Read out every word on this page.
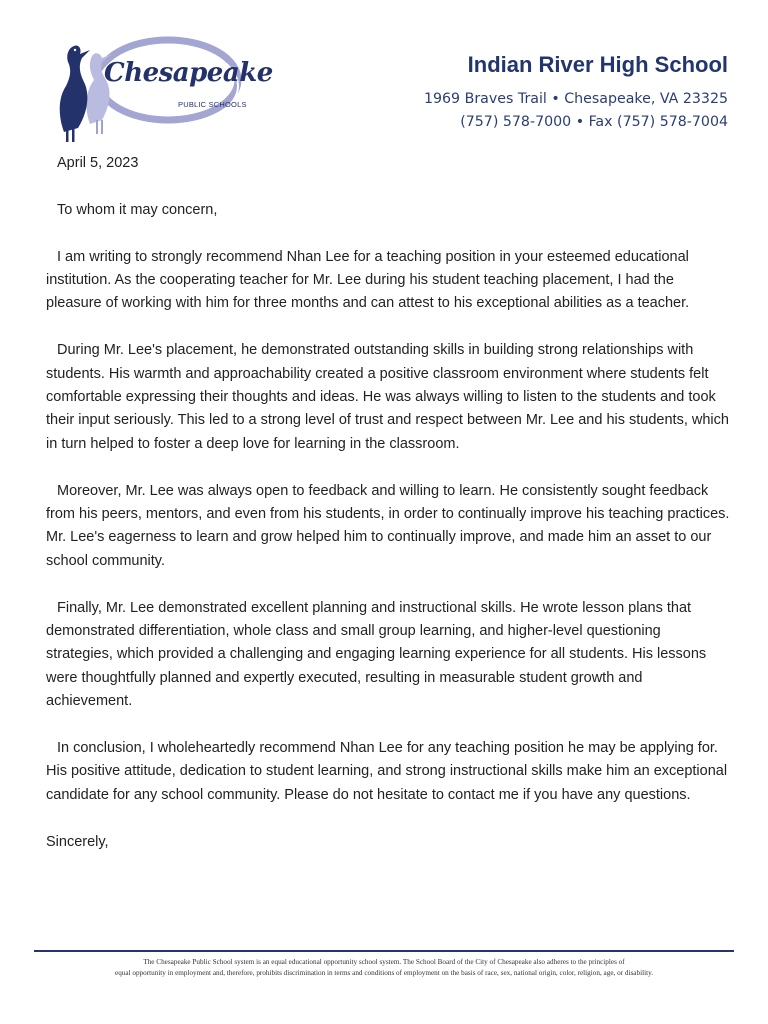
Chesapeake
PUBLIC SCHOOLS
Indian River High School
1969 Braves Trail • Chesapeake, VA 23325
(757) 578-7000 • Fax (757) 578-7004

April 5, 2023

To whom it may concern,

I am writing to strongly recommend Nhan Lee for a teaching position in your esteemed educational institution. As the cooperating teacher for Mr. Lee during his student teaching placement, I had the pleasure of working with him for three months and can attest to his exceptional abilities as a teacher.

During Mr. Lee's placement, he demonstrated outstanding skills in building strong relationships with students. His warmth and approachability created a positive classroom environment where students felt comfortable expressing their thoughts and ideas. He was always willing to listen to the students and took their input seriously. This led to a strong level of trust and respect between Mr. Lee and his students, which in turn helped to foster a deep love for learning in the classroom.

Moreover, Mr. Lee was always open to feedback and willing to learn. He consistently sought feedback from his peers, mentors, and even from his students, in order to continually improve his teaching practices. Mr. Lee's eagerness to learn and grow helped him to continually improve, and made him an asset to our school community.

Finally, Mr. Lee demonstrated excellent planning and instructional skills. He wrote lesson plans that demonstrated differentiation, whole class and small group learning, and higher-level questioning strategies, which provided a challenging and engaging learning experience for all students. His lessons were thoughtfully planned and expertly executed, resulting in measurable student growth and achievement.

In conclusion, I wholeheartedly recommend Nhan Lee for any teaching position he may be applying for. His positive attitude, dedication to student learning, and strong instructional skills make him an exceptional candidate for any school community. Please do not hesitate to contact me if you have any questions.

Sincerely,

The Chesapeake Public School system is an equal educational opportunity school system. The School Board of the City of Chesapeake also adheres to the principles of
equal opportunity in employment and, therefore, prohibits discrimination in terms and conditions of employment on the basis of race, sex, national origin, color, religion, age, or disability.
